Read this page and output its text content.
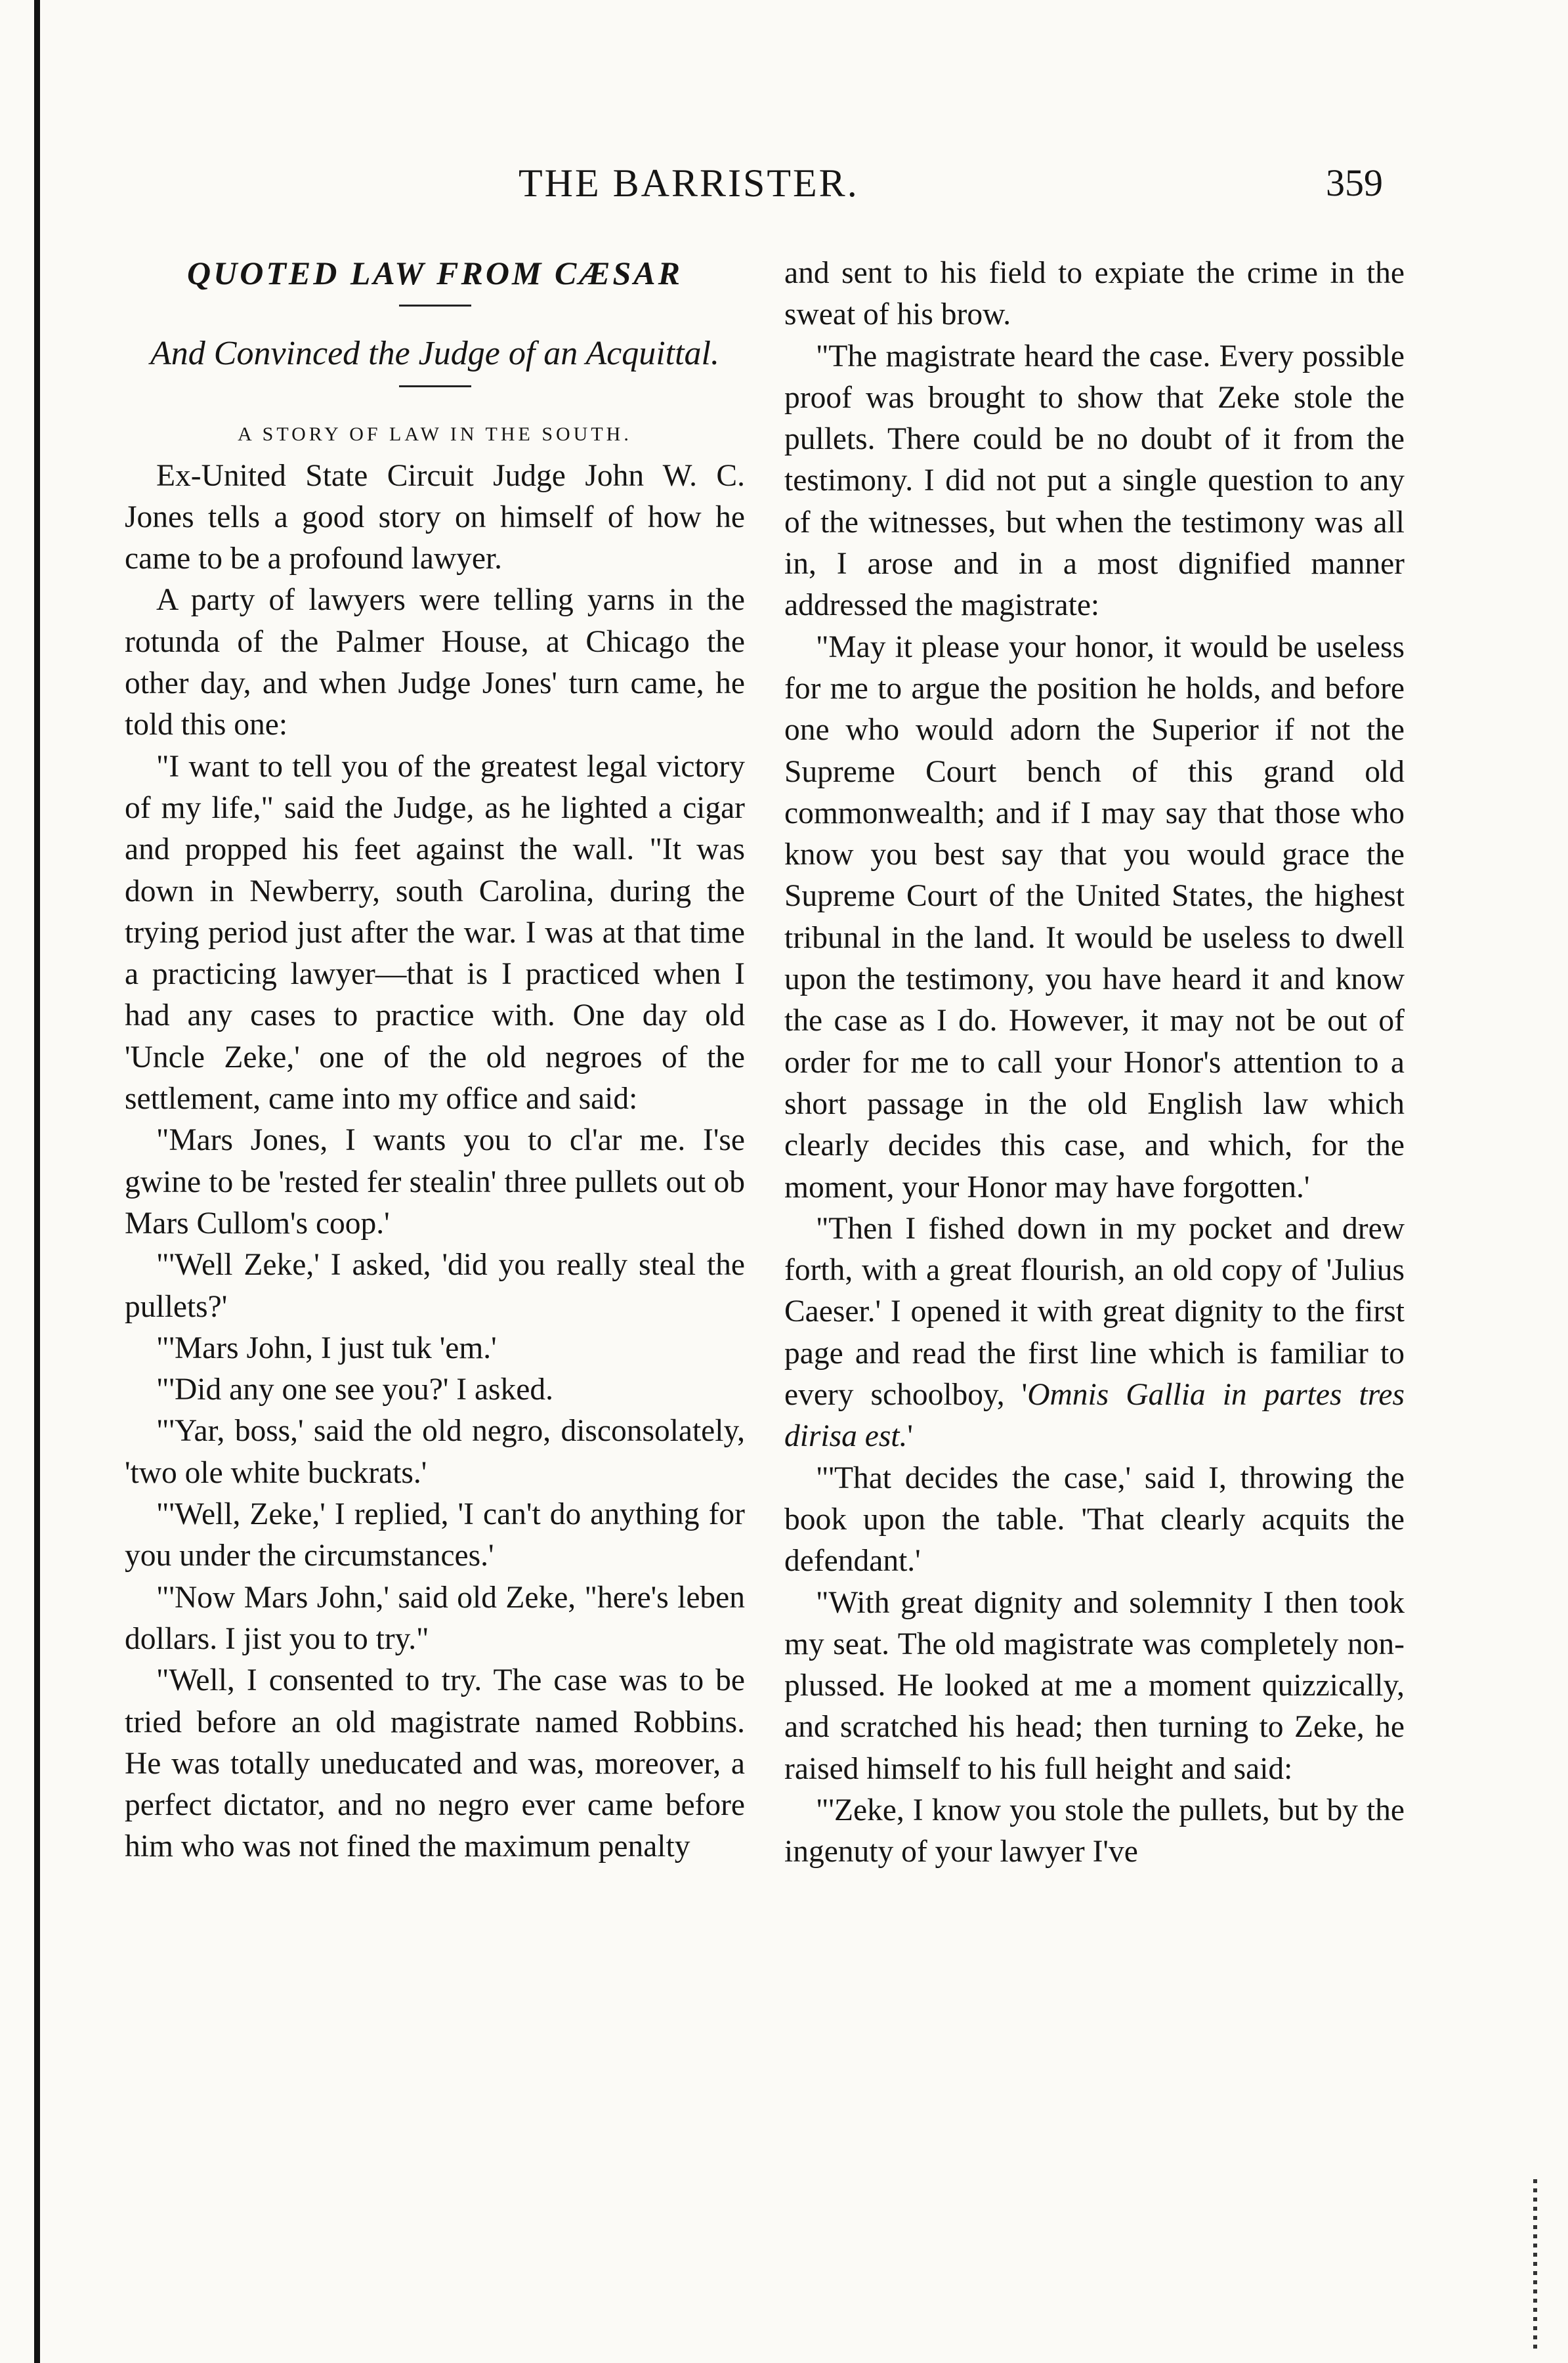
THE BARRISTER.	359

QUOTED LAW FROM CÆSAR

And Convinced the Judge of an Acquittal.

A STORY OF LAW IN THE SOUTH.

Ex-United State Circuit Judge John W. C. Jones tells a good story on himself of how he came to be a profound lawyer.

A party of lawyers were telling yarns in the rotunda of the Palmer House, at Chicago the other day, and when Judge Jones' turn came, he told this one:

"I want to tell you of the greatest legal victory of my life," said the Judge, as he lighted a cigar and propped his feet against the wall. "It was down in Newberry, south Carolina, during the trying period just after the war. I was at that time a practicing lawyer—that is I practiced when I had any cases to practice with. One day old 'Uncle Zeke,' one of the old negroes of the settlement, came into my office and said:

"Mars Jones, I wants you to cl'ar me. I'se gwine to be 'rested fer stealin' three pullets out ob Mars Cullom's coop.'

"'Well Zeke,' I asked, 'did you really steal the pullets?'

"'Mars John, I just tuk 'em.'

"'Did any one see you?' I asked.

"'Yar, boss,' said the old negro, disconsolately, 'two ole white buckrats.'

"'Well, Zeke,' I replied, 'I can't do anything for you under the circumstances.'

"'Now Mars John,' said old Zeke, "here's leben dollars. I jist you to try."

"Well, I consented to try. The case was to be tried before an old magistrate named Robbins. He was totally uneducated and was, moreover, a perfect dictator, and no negro ever came before him who was not fined the maximum penalty

and sent to his field to expiate the crime in the sweat of his brow.

"The magistrate heard the case. Every possible proof was brought to show that Zeke stole the pullets. There could be no doubt of it from the testimony. I did not put a single question to any of the witnesses, but when the testimony was all in, I arose and in a most dignified manner addressed the magistrate:

"May it please your honor, it would be useless for me to argue the position he holds, and before one who would adorn the Superior if not the Supreme Court bench of this grand old commonwealth; and if I may say that those who know you best say that you would grace the Supreme Court of the United States, the highest tribunal in the land. It would be useless to dwell upon the testimony, you have heard it and know the case as I do. However, it may not be out of order for me to call your Honor's attention to a short passage in the old English law which clearly decides this case, and which, for the moment, your Honor may have forgotten.'

"Then I fished down in my pocket and drew forth, with a great flourish, an old copy of 'Julius Caeser.' I opened it with great dignity to the first page and read the first line which is familiar to every schoolboy, 'Omnis Gallia in partes tres dirisa est.'

"'That decides the case,' said I, throwing the book upon the table. 'That clearly acquits the defendant.'

"With great dignity and solemnity I then took my seat. The old magistrate was completely non-plussed. He looked at me a moment quizzically, and scratched his head; then turning to Zeke, he raised himself to his full height and said:

"'Zeke, I know you stole the pullets, but by the ingenuty of your lawyer I've
